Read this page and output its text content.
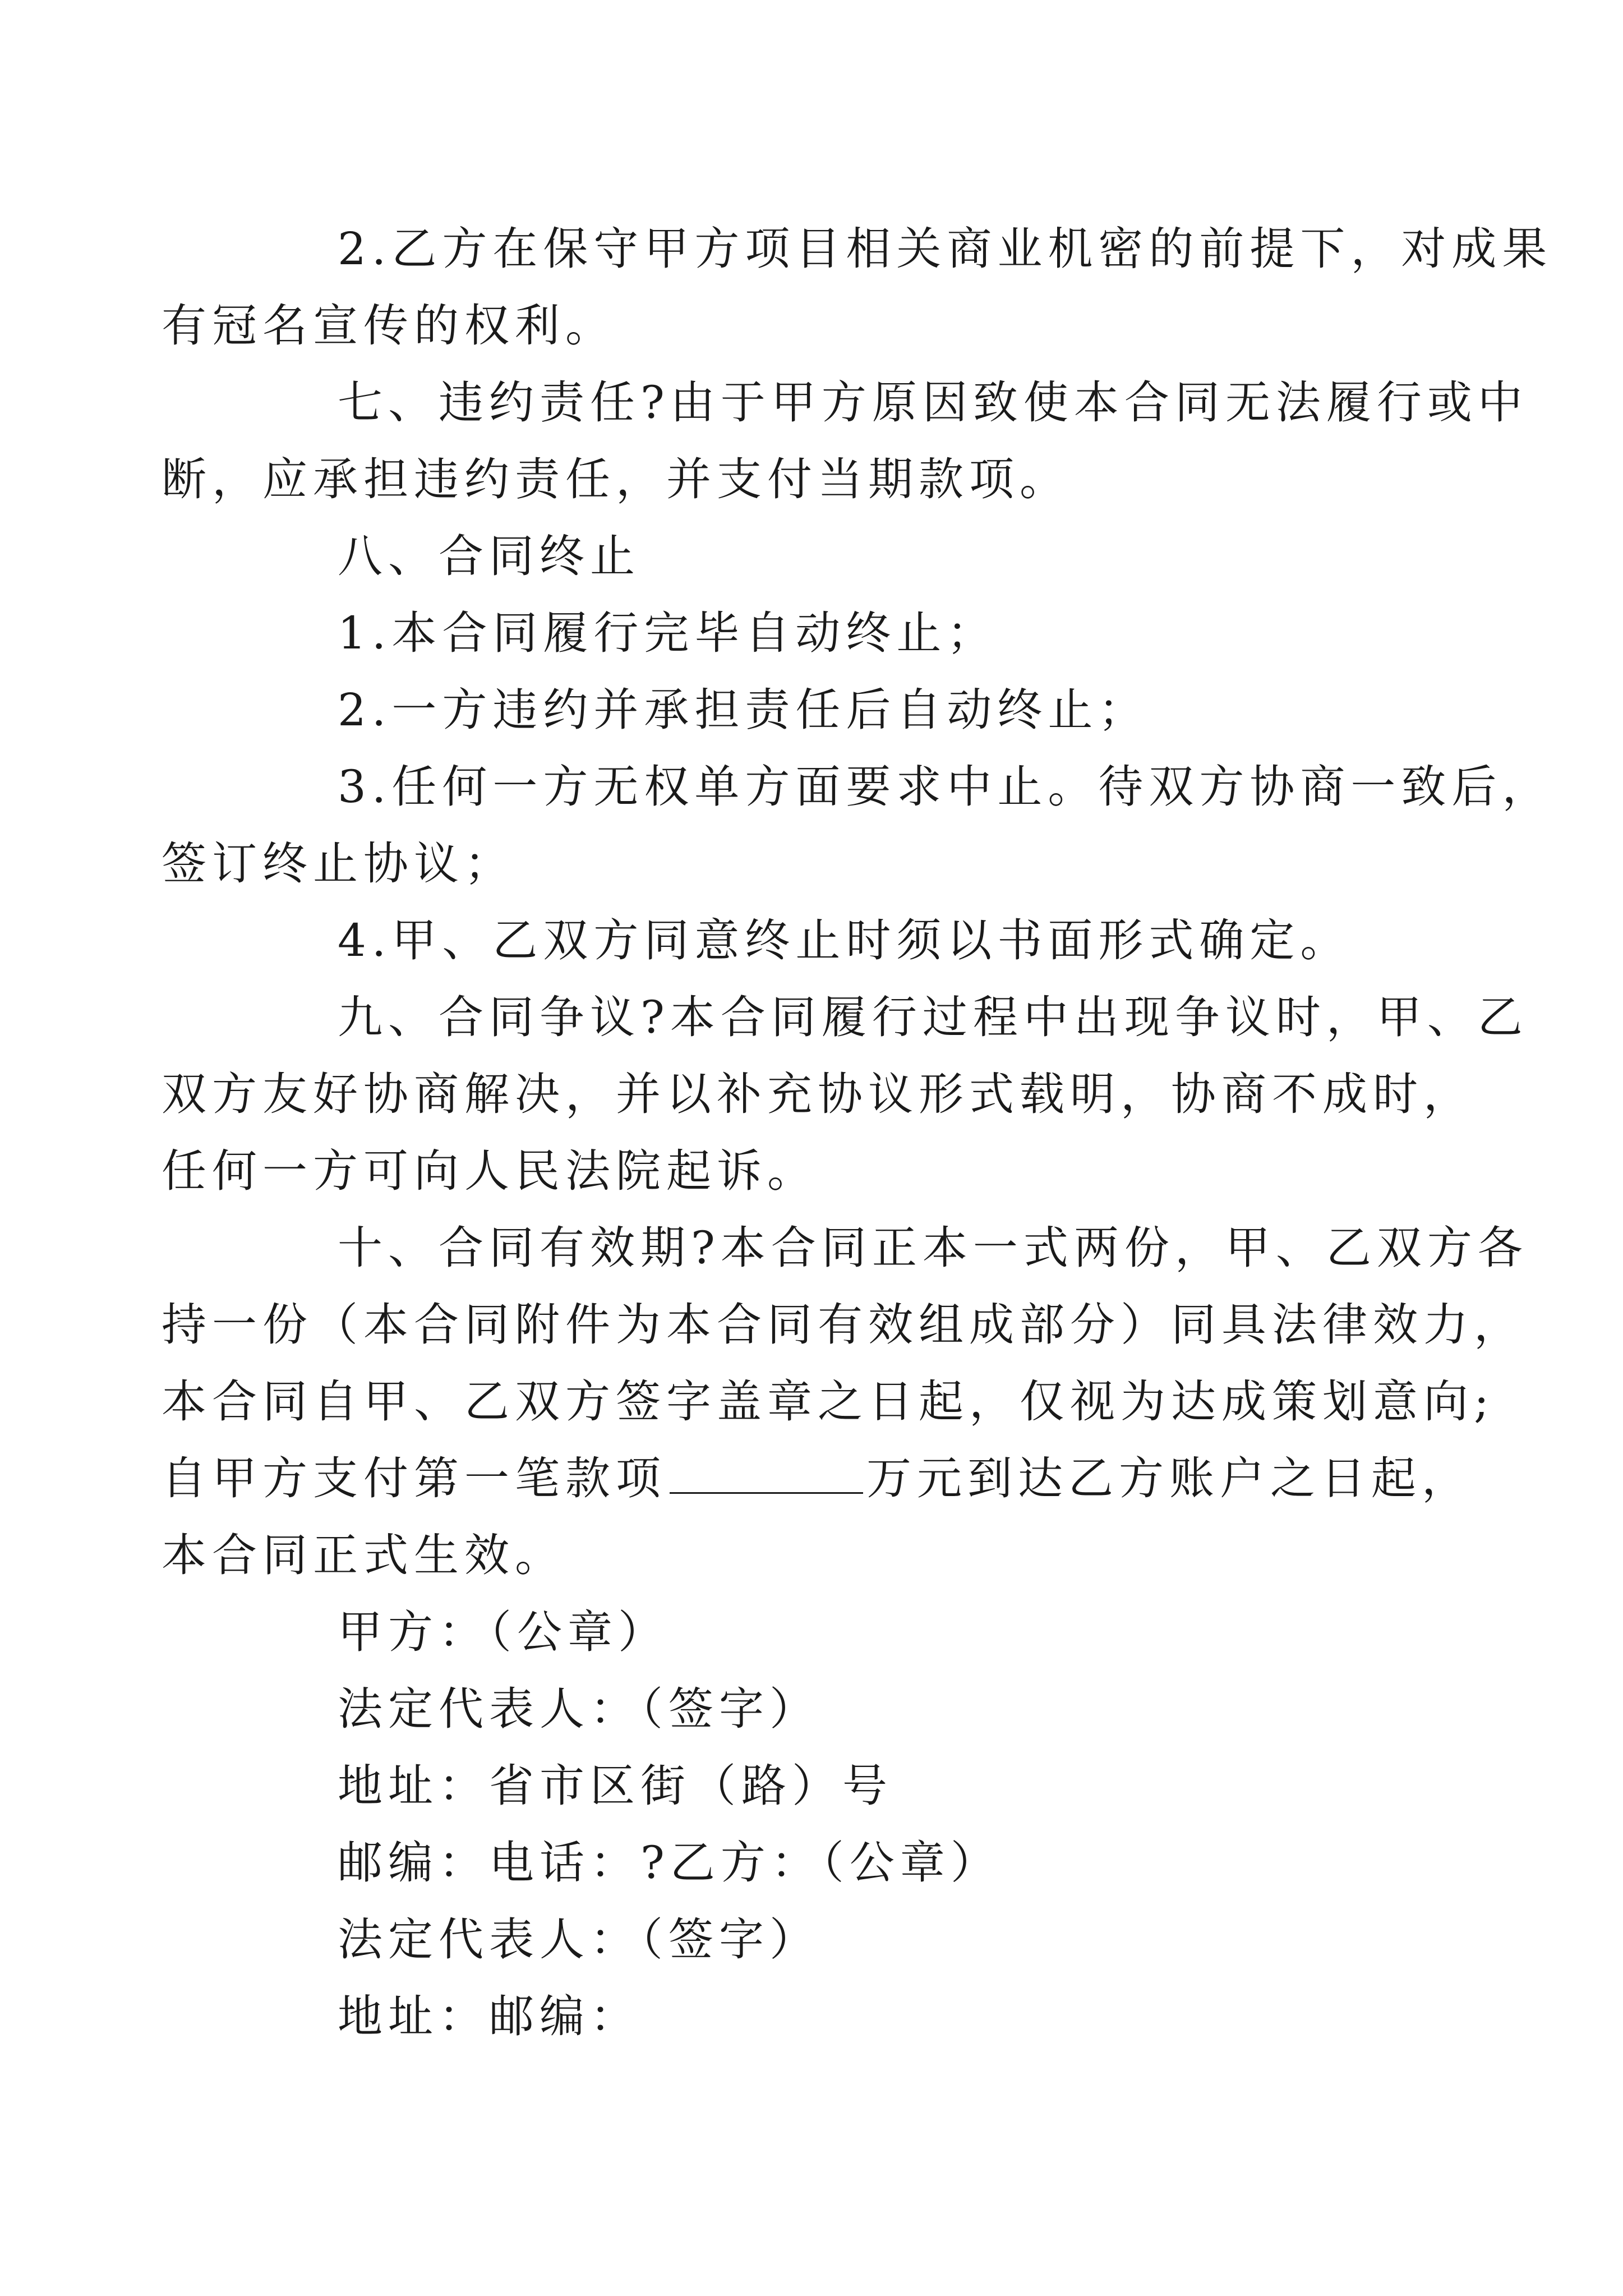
2.乙方在保守甲方项目相关商业机密的前提下，对成果
有冠名宣传的权利。

七、违约责任?由于甲方原因致使本合同无法履行或中
断，应承担违约责任，并支付当期款项。

八、合同终止

1.本合同履行完毕自动终止；

2.一方违约并承担责任后自动终止；

3.任何一方无权单方面要求中止。待双方协商一致后，
签订终止协议；

4.甲、乙双方同意终止时须以书面形式确定。

九、合同争议?本合同履行过程中出现争议时，甲、乙
双方友好协商解决，并以补充协议形式载明，协商不成时，
任何一方可向人民法院起诉。

十、合同有效期?本合同正本一式两份，甲、乙双方各
持一份（本合同附件为本合同有效组成部分）同具法律效力，
本合同自甲、乙双方签字盖章之日起，仅视为达成策划意向;
自甲方支付第一笔款项	万元到达乙方账户之日起，
本合同正式生效。

甲方：（公章）

法定代表人：（签字）

地址：省市区街（路）号

邮编：电话：?乙方：（公章）

法定代表人：（签字）

地址：邮编：
